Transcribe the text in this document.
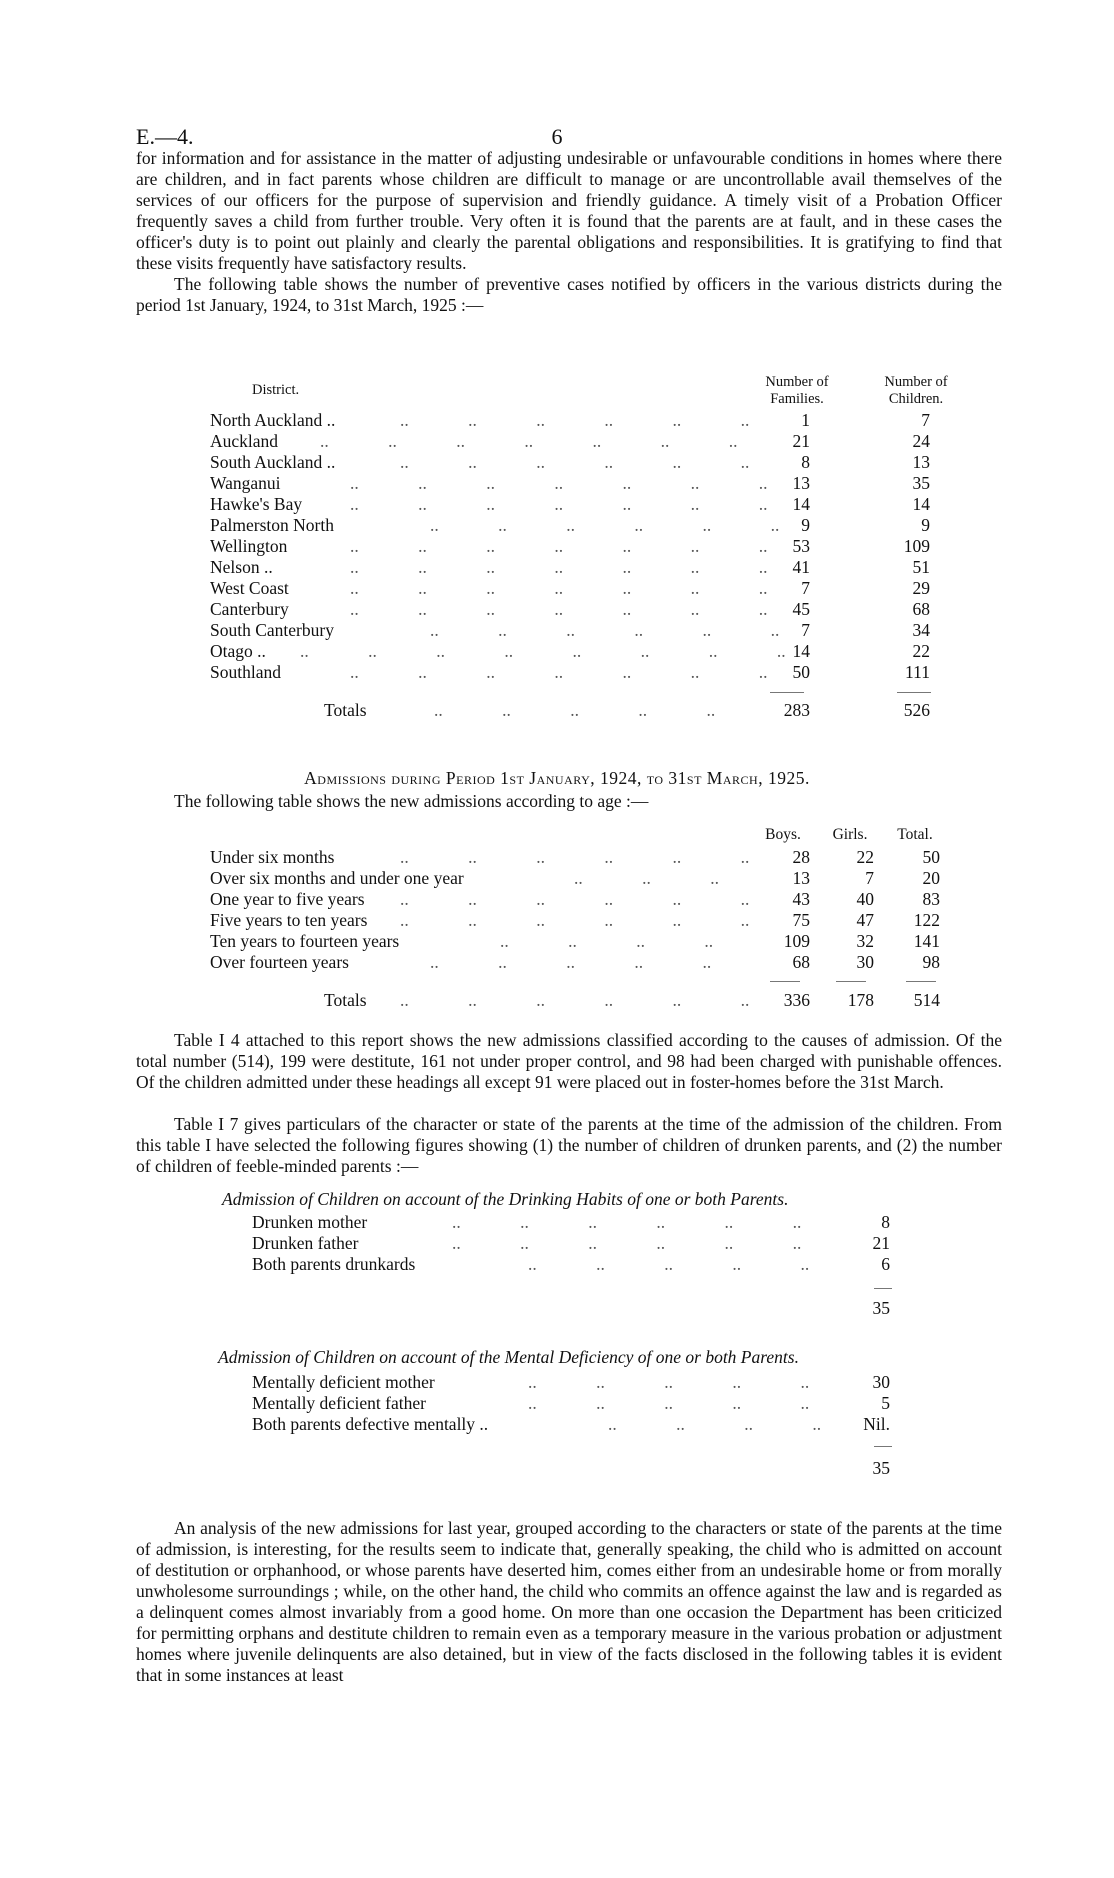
E.—4.	6

for information and for assistance in the matter of adjusting undesirable or unfavourable conditions in homes where there are children, and in fact parents whose children are difficult to manage or are uncontrollable avail themselves of the services of our officers for the purpose of supervision and friendly guidance. A timely visit of a Probation Officer frequently saves a child from further trouble. Very often it is found that the parents are at fault, and in these cases the officer's duty is to point out plainly and clearly the parental obligations and responsibilities. It is gratifying to find that these visits frequently have satisfactory results.

The following table shows the number of preventive cases notified by officers in the various districts during the period 1st January, 1924, to 31st March, 1925 :—

District.	Number of Families.
Number of Children.
North Auckland ..	.. .. .. .. .. ..	1	7
Auckland .. .. .. .. .. .. ..	21	24
South Auckland ..	.. .. .. .. .. ..	8	13
Wanganui	.. .. .. .. .. .. .. 13	35
Hawke's Bay	.. .. .. .. .. .. .. 14	14
Palmerston North	.. .. .. .. .. .. 9	9
Wellington	.. .. .. .. .. .. .. 53	109
Nelson ..	.. .. .. .. .. .. .. 41	51
West Coast	.. .. .. .. .. .. .. 7	29
Canterbury	.. .. .. .. .. .. .. 45	68
South Canterbury	.. .. .. .. .. .. 7	34
Otago .. .. .. .. .. .. .. .. .. 14	22
Southland	.. .. .. .. .. .. .. 50	111
Totals	.. .. .. .. ..	283	526
Admissions during Period 1st January, 1924, to 31st March, 1925.

The following table shows the new admissions according to age :—

Boys.	Girls.	Total.
Under six months	.. .. .. .. .. .. 28	22	50
Over six months and under one year	.. .. ..	13	7	20
One year to five years .. .. .. .. .. .. 43	40	83
Five years to ten years .. .. .. .. .. .. 75	47 122
Ten years to fourteen years	.. .. .. ..	109	32 141
Over fourteen years	.. .. .. .. ..	68	30	98
Totals .. .. .. .. .. .. 336 178 514

Table I 4 attached to this report shows the new admissions classified according to the causes of admission. Of the total number (514), 199 were destitute, 161 not under proper control, and 98 had been charged with punishable offences. Of the children admitted under these headings all except 91 were placed out in foster-homes before the 31st March.

Table I 7 gives particulars of the character or state of the parents at the time of the admission of the children. From this table I have selected the following figures showing (1) the number of children of drunken parents, and (2) the number of children of feeble-minded parents :—

Admission of Children on account of the Drinking Habits of one or both Parents.
Drunken mother	.. .. .. .. .. ..	8
Drunken father	.. .. .. .. .. ..	21
Both parents drunkards	.. .. .. .. ..	6
35
Admission of Children on account of the Mental Deficiency of one or both Parents.
Mentally deficient mother	.. .. .. .. ..	30
Mentally deficient father	.. .. .. .. ..	5
Both parents defective mentally ..	.. .. .. .. Nil.
35

An analysis of the new admissions for last year, grouped according to the characters or state of the parents at the time of admission, is interesting, for the results seem to indicate that, generally speaking, the child who is admitted on account of destitution or orphanhood, or whose parents have deserted him, comes either from an undesirable home or from morally unwholesome surroundings ; while, on the other hand, the child who commits an offence against the law and is regarded as a delinquent comes almost invariably from a good home. On more than one occasion the Department has been criticized for permitting orphans and destitute children to remain even as a temporary measure in the various probation or adjustment homes where juvenile delinquents are also detained, but in view of the facts disclosed in the following tables it is evident that in some instances at least
